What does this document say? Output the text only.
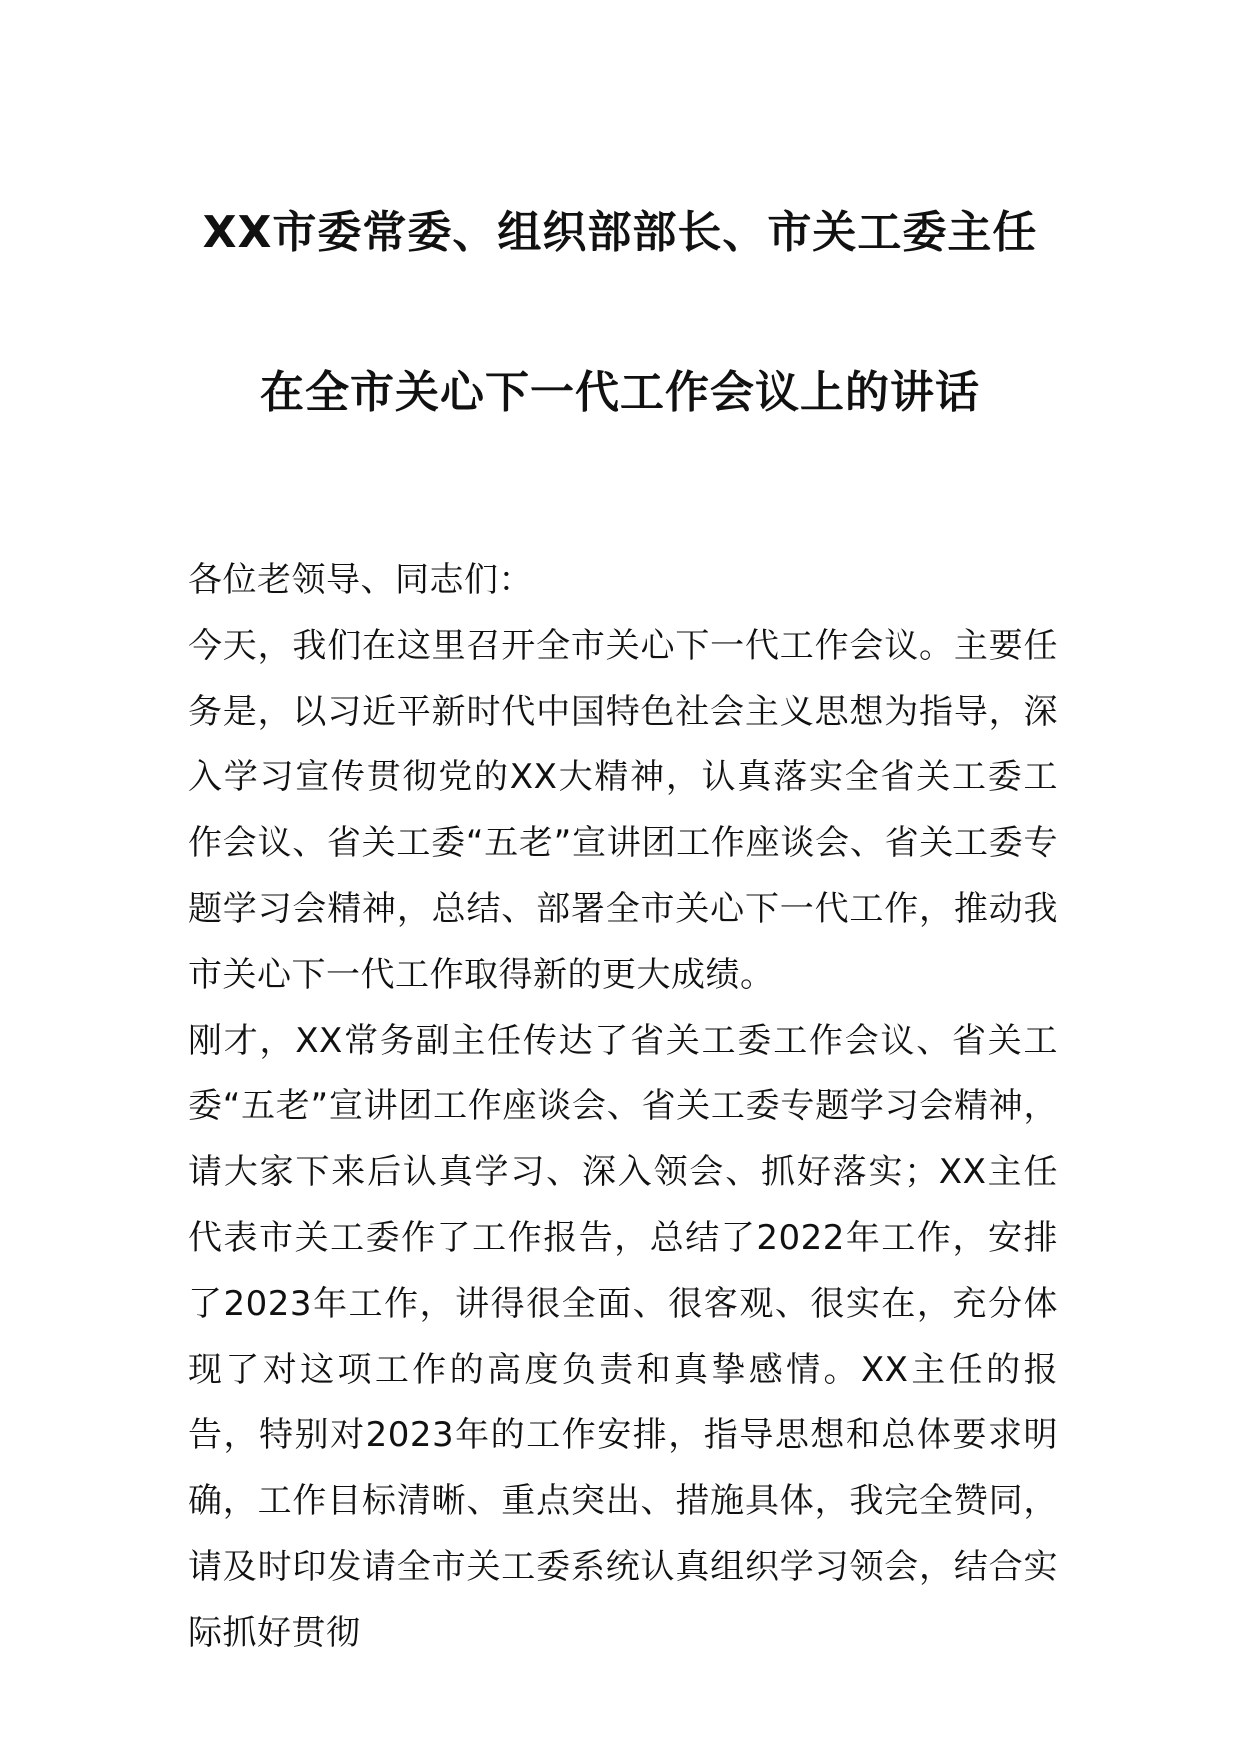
XX市委常委、组织部部长、市关工委主任
在全市关心下一代工作会议上的讲话

各位老领导、同志们：

今天，我们在这里召开全市关心下一代工作会议。主要任务是，以习近平新时代中国特色社会主义思想为指导，深入学习宣传贯彻党的XX大精神，认真落实全省关工委工作会议、省关工委“五老”宣讲团工作座谈会、省关工委专题学习会精神，总结、部署全市关心下一代工作，推动我市关心下一代工作取得新的更大成绩。

刚才，XX常务副主任传达了省关工委工作会议、省关工委“五老”宣讲团工作座谈会、省关工委专题学习会精神，请大家下来后认真学习、深入领会、抓好落实；XX主任代表市关工委作了工作报告，总结了2022年工作，安排了2023年工作，讲得很全面、很客观、很实在，充分体现了对这项工作的高度负责和真挚感情。XX主任的报告，特别对2023年的工作安排，指导思想和总体要求明确，工作目标清晰、重点突出、措施具体，我完全赞同，请及时印发请全市关工委系统认真组织学习领会，结合实际抓好贯彻
